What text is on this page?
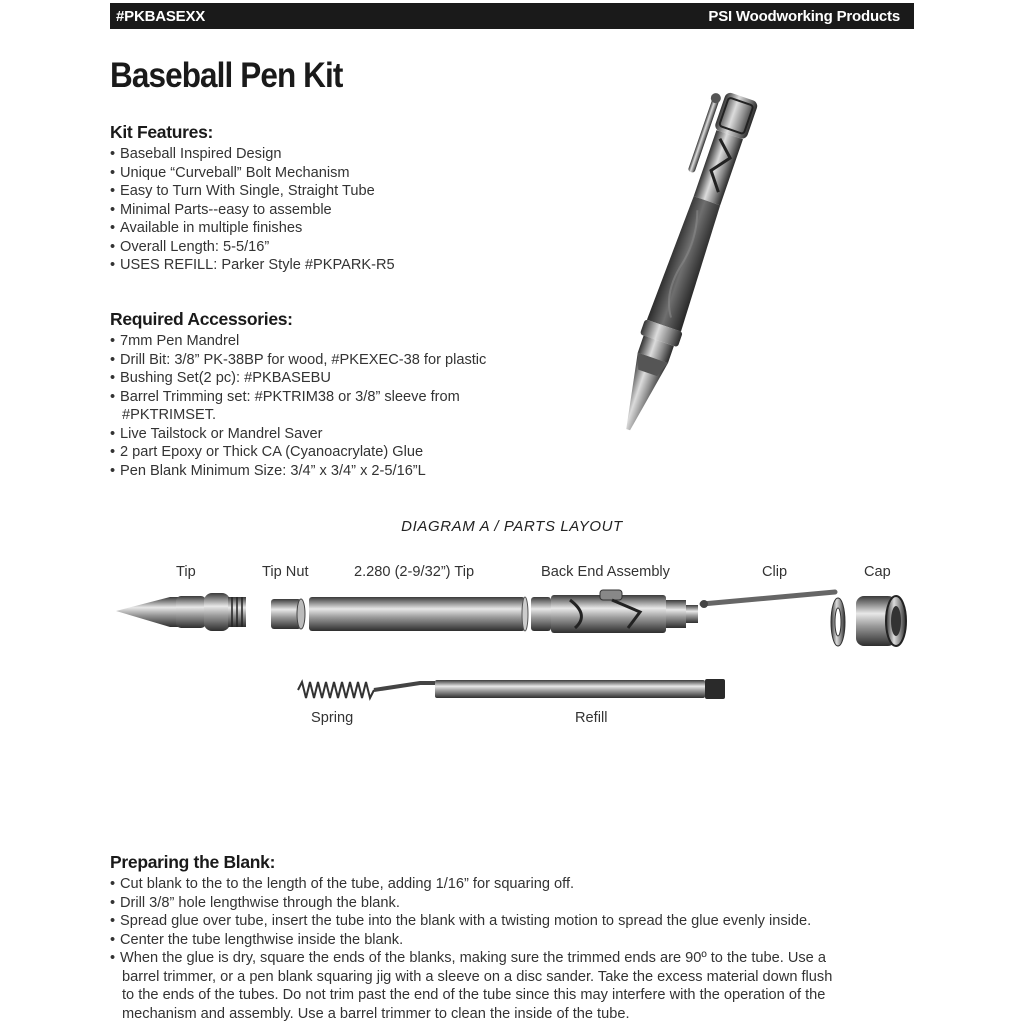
#PKBASEXX	PSI Woodworking Products
Baseball Pen Kit
Kit Features:
• Baseball Inspired Design
• Unique “Curveball” Bolt Mechanism
• Easy to Turn With Single, Straight Tube
• Minimal Parts--easy to assemble
• Available in multiple finishes
• Overall Length: 5-5/16”
• USES REFILL: Parker Style #PKPARK-R5
Required Accessories:
• 7mm Pen Mandrel
• Drill Bit: 3/8” PK-38BP for wood, #PKEXEC-38 for plastic
• Bushing Set(2 pc): #PKBASEBU
• Barrel Trimming set: #PKTRIM38 or 3/8” sleeve from
#PKTRIMSET.
• Live Tailstock or Mandrel Saver
• 2 part Epoxy or Thick CA (Cyanoacrylate) Glue
• Pen Blank Minimum Size: 3/4” x 3/4” x 2-5/16”L
DIAGRAM A / PARTS LAYOUT
Tip	Tip Nut	2.280 (2-9/32”) Tip	Back End Assembly	Clip	Cap
Spring	Refill
Preparing the Blank:
• Cut blank to the to the length of the tube, adding 1/16” for squaring off.
• Drill 3/8” hole lengthwise through the blank.
• Spread glue over tube, insert the tube into the blank with a twisting motion to spread the glue evenly inside.
• Center the tube lengthwise inside the blank.
• When the glue is dry, square the ends of the blanks, making sure the trimmed ends are 90º to the tube. Use a
barrel trimmer, or a pen blank squaring jig with a sleeve on a disc sander. Take the excess material down flush
to the ends of the tubes. Do not trim past the end of the tube since this may interfere with the operation of the
mechanism and assembly. Use a barrel trimmer to clean the inside of the tube.
